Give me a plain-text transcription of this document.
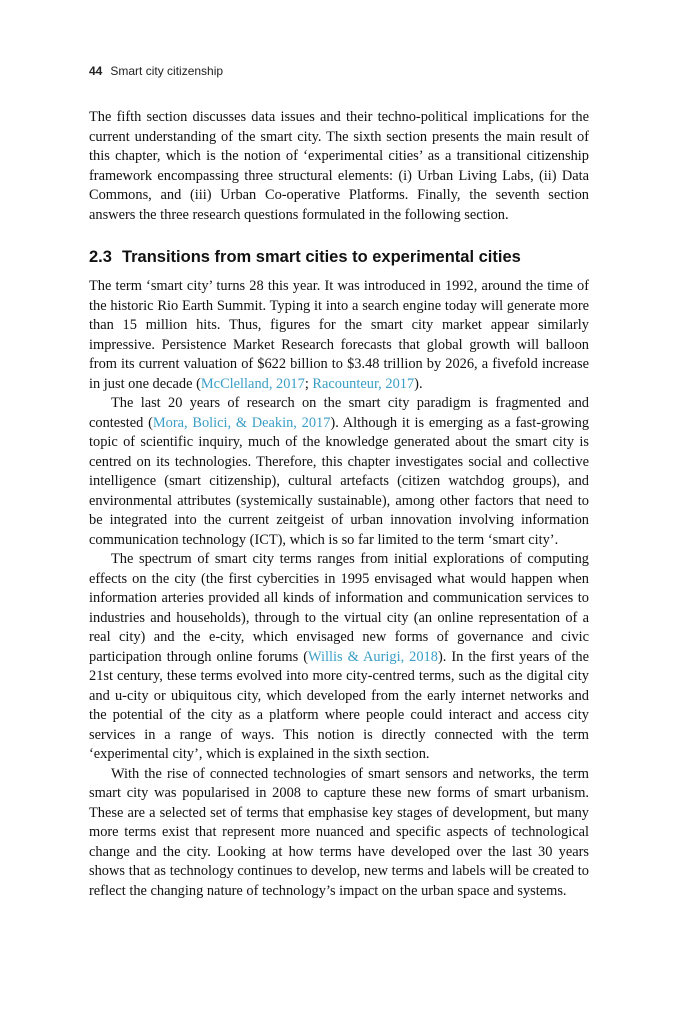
44 Smart city citizenship

The fifth section discusses data issues and their techno-political implications for the current understanding of the smart city. The sixth section presents the main result of this chapter, which is the notion of ‘experimental cities’ as a transitional citizenship framework encompassing three structural elements: (i) Urban Living Labs, (ii) Data Commons, and (iii) Urban Co-operative Platforms. Finally, the seventh section answers the three research questions formulated in the following section.

2.3 Transitions from smart cities to experimental cities

The term ‘smart city’ turns 28 this year. It was introduced in 1992, around the time of the historic Rio Earth Summit. Typing it into a search engine today will generate more than 15 million hits. Thus, figures for the smart city market appear similarly impressive. Persistence Market Research forecasts that global growth will balloon from its current valuation of $622 billion to $3.48 trillion by 2026, a fivefold increase in just one decade (McClelland, 2017; Racounteur, 2017).

The last 20 years of research on the smart city paradigm is fragmented and contested (Mora, Bolici, & Deakin, 2017). Although it is emerging as a fast-growing topic of scientific inquiry, much of the knowledge generated about the smart city is centred on its technologies. Therefore, this chapter investigates social and collective intelligence (smart citizenship), cultural artefacts (citizen watchdog groups), and environmental attributes (systemically sustainable), among other factors that need to be integrated into the current zeitgeist of urban innovation involving information communication technology (ICT), which is so far limited to the term ‘smart city’.

The spectrum of smart city terms ranges from initial explorations of computing effects on the city (the first cybercities in 1995 envisaged what would happen when information arteries provided all kinds of information and communication services to industries and households), through to the virtual city (an online representation of a real city) and the e-city, which envisaged new forms of governance and civic participation through online forums (Willis & Aurigi, 2018). In the first years of the 21st century, these terms evolved into more city-centred terms, such as the digital city and u-city or ubiquitous city, which developed from the early internet networks and the potential of the city as a platform where people could interact and access city services in a range of ways. This notion is directly connected with the term ‘experimental city’, which is explained in the sixth section.

With the rise of connected technologies of smart sensors and networks, the term smart city was popularised in 2008 to capture these new forms of smart urbanism. These are a selected set of terms that emphasise key stages of development, but many more terms exist that represent more nuanced and specific aspects of technological change and the city. Looking at how terms have developed over the last 30 years shows that as technology continues to develop, new terms and labels will be created to reflect the changing nature of technology’s impact on the urban space and systems.
